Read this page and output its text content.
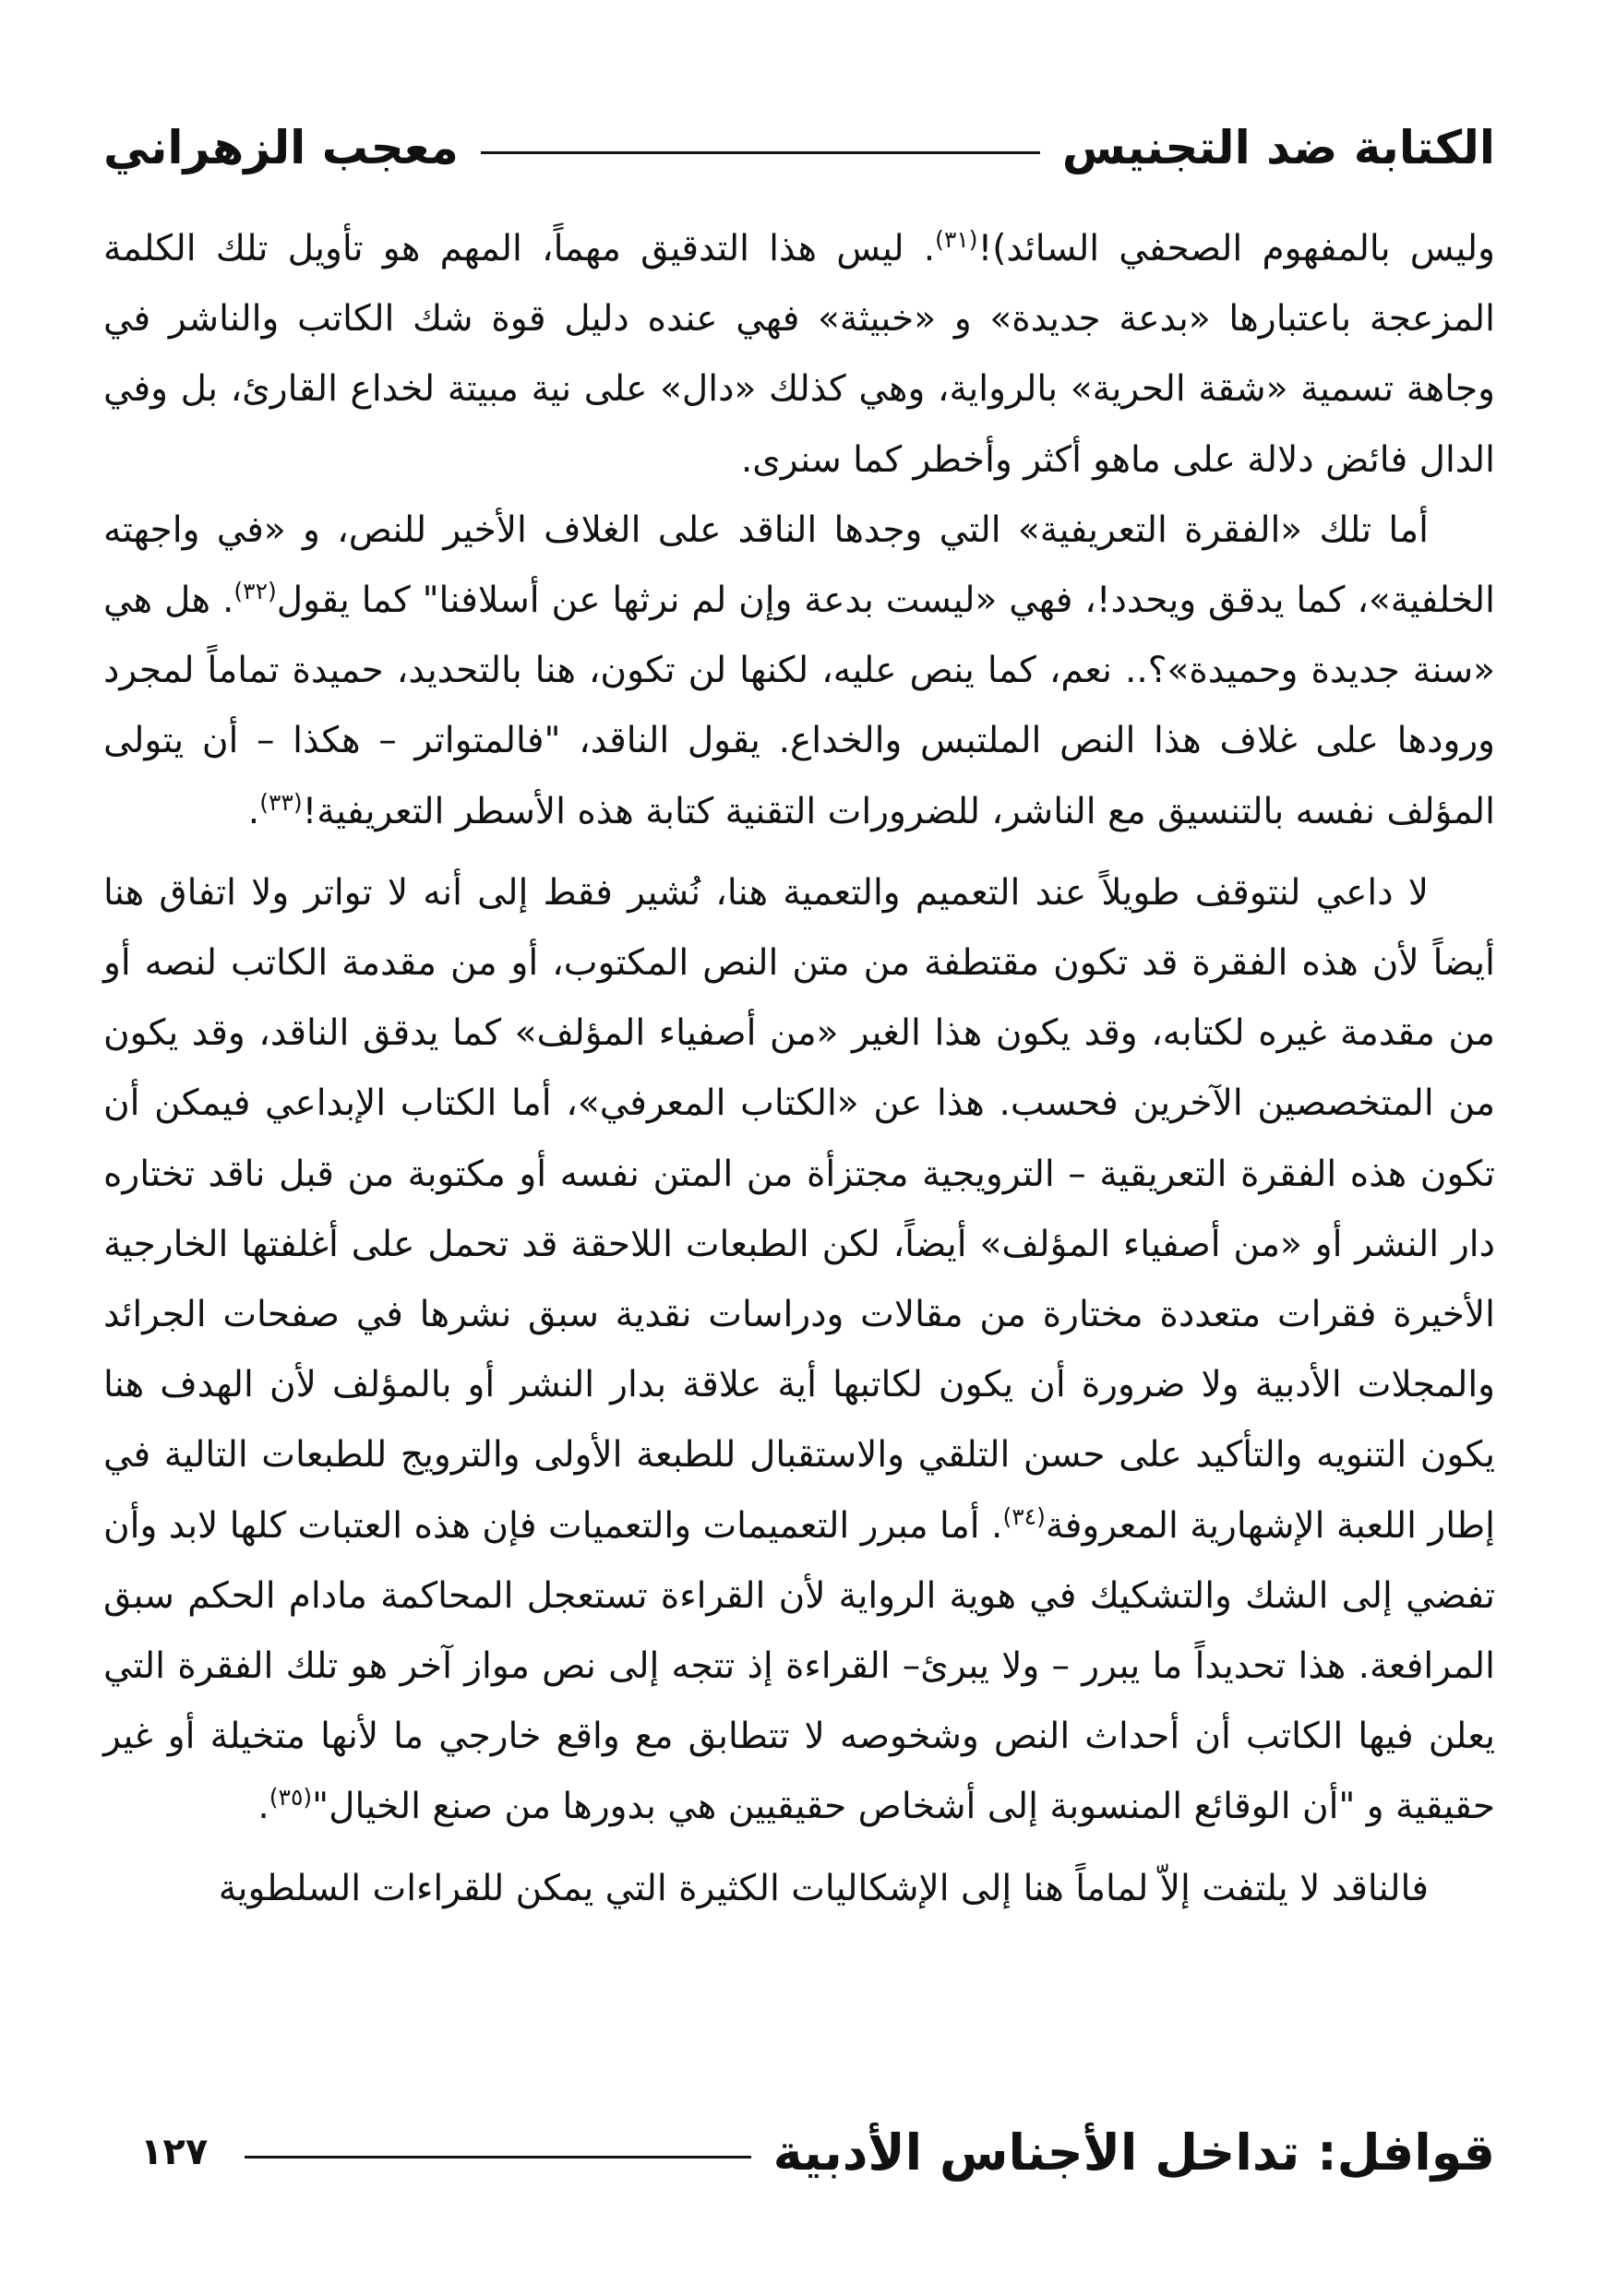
الكتابة ضد التجنيس
معجب الزهراني

وليس بالمفهوم الصحفي السائد)!$^{(٣١)}$. ليس هذا التدقيق مهماً، المهم هو تأويل تلك الكلمة المزعجة باعتبارها «بدعة جديدة» و «خبيثة» فهي عنده دليل قوة شك الكاتب والناشر في وجاهة تسمية «شقة الحرية» بالرواية، وهي كذلك «دال» على نية مبيتة لخداع القارئ، بل وفي الدال فائض دلالة على ماهو أكثر وأخطر كما سنرى.

أما تلك «الفقرة التعريفية» التي وجدها الناقد على الغلاف الأخير للنص، و «في واجهته الخلفية»، كما يدقق ويحدد!، فهي «ليست بدعة وإن لم نرثها عن أسلافنا" كما يقول$^{(٣٢)}$. هل هي «سنة جديدة وحميدة»؟.. نعم، كما ينص عليه، لكنها لن تكون، هنا بالتحديد، حميدة تماماً لمجرد ورودها على غلاف هذا النص الملتبس والخداع. يقول الناقد، "فالمتواتر – هكذا – أن يتولى المؤلف نفسه بالتنسيق مع الناشر، للضرورات التقنية كتابة هذه الأسطر التعريفية!$^{(٣٣)}$.

لا داعي لنتوقف طويلاً عند التعميم والتعمية هنا، نُشير فقط إلى أنه لا تواتر ولا اتفاق هنا أيضاً لأن هذه الفقرة قد تكون مقتطفة من متن النص المكتوب، أو من مقدمة الكاتب لنصه أو من مقدمة غيره لكتابه، وقد يكون هذا الغير «من أصفياء المؤلف» كما يدقق الناقد، وقد يكون من المتخصصين الآخرين فحسب. هذا عن «الكتاب المعرفي»، أما الكتاب الإبداعي فيمكن أن تكون هذه الفقرة التعريقية – الترويجية مجتزأة من المتن نفسه أو مكتوبة من قبل ناقد تختاره دار النشر أو «من أصفياء المؤلف» أيضاً، لكن الطبعات اللاحقة قد تحمل على أغلفتها الخارجية الأخيرة فقرات متعددة مختارة من مقالات ودراسات نقدية سبق نشرها في صفحات الجرائد والمجلات الأدبية ولا ضرورة أن يكون لكاتبها أية علاقة بدار النشر أو بالمؤلف لأن الهدف هنا يكون التنويه والتأكيد على حسن التلقي والاستقبال للطبعة الأولى والترويج للطبعات التالية في إطار اللعبة الإشهارية المعروفة$^{(٣٤)}$. أما مبرر التعميمات والتعميات فإن هذه العتبات كلها لابد وأن تفضي إلى الشك والتشكيك في هوية الرواية لأن القراءة تستعجل المحاكمة مادام الحكم سبق المرافعة. هذا تحديداً ما يبرر – ولا يبرئ– القراءة إذ تتجه إلى نص مواز آخر هو تلك الفقرة التي يعلن فيها الكاتب أن أحداث النص وشخوصه لا تتطابق مع واقع خارجي ما لأنها متخيلة أو غير حقيقية و "أن الوقائع المنسوبة إلى أشخاص حقيقيين هي بدورها من صنع الخيال"$^{(٣٥)}$.

فالناقد لا يلتفت إلاّ لماماً هنا إلى الإشكاليات الكثيرة التي يمكن للقراءات السلطوية

قوافل: تداخل الأجناس الأدبية
١٢٧
